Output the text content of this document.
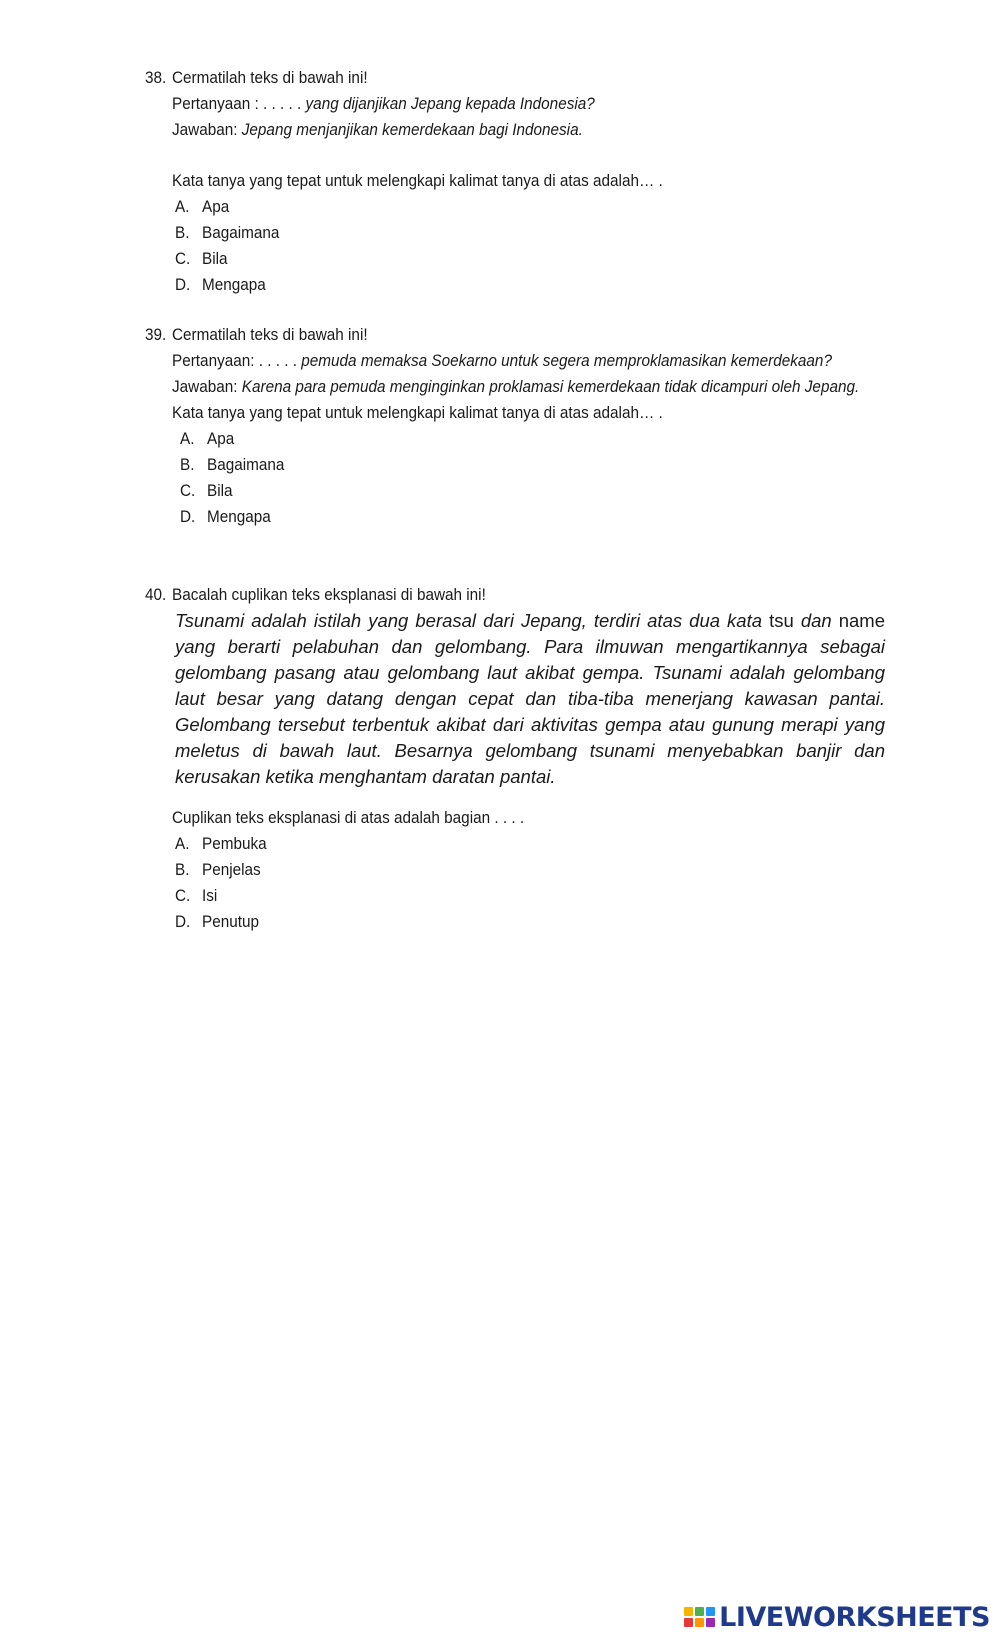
38. Cermatilah teks di bawah ini!
Pertanyaan : . . . . . yang dijanjikan Jepang kepada Indonesia?
Jawaban: Jepang menjanjikan kemerdekaan bagi Indonesia.
Kata tanya yang tepat untuk melengkapi kalimat tanya di atas adalah… .
A. Apa
B. Bagaimana
C. Bila
D. Mengapa
39. Cermatilah teks di bawah ini!
Pertanyaan: . . . . . pemuda memaksa Soekarno untuk segera memproklamasikan kemerdekaan?
Jawaban: Karena para pemuda menginginkan proklamasi kemerdekaan tidak dicampuri oleh Jepang.
Kata tanya yang tepat untuk melengkapi kalimat tanya di atas adalah… .
A. Apa
B. Bagaimana
C. Bila
D. Mengapa
40. Bacalah cuplikan teks eksplanasi di bawah ini!
Tsunami adalah istilah yang berasal dari Jepang, terdiri atas dua kata tsu dan name yang berarti pelabuhan dan gelombang. Para ilmuwan mengartikannya sebagai gelombang pasang atau gelombang laut akibat gempa. Tsunami adalah gelombang laut besar yang datang dengan cepat dan tiba-tiba menerjang kawasan pantai. Gelombang tersebut terbentuk akibat dari aktivitas gempa atau gunung merapi yang meletus di bawah laut. Besarnya gelombang tsunami menyebabkan banjir dan kerusakan ketika menghantam daratan pantai.
Cuplikan teks eksplanasi di atas adalah bagian . . . .
A. Pembuka
B. Penjelas
C. Isi
D. Penutup
LIVEWORKSHEETS
